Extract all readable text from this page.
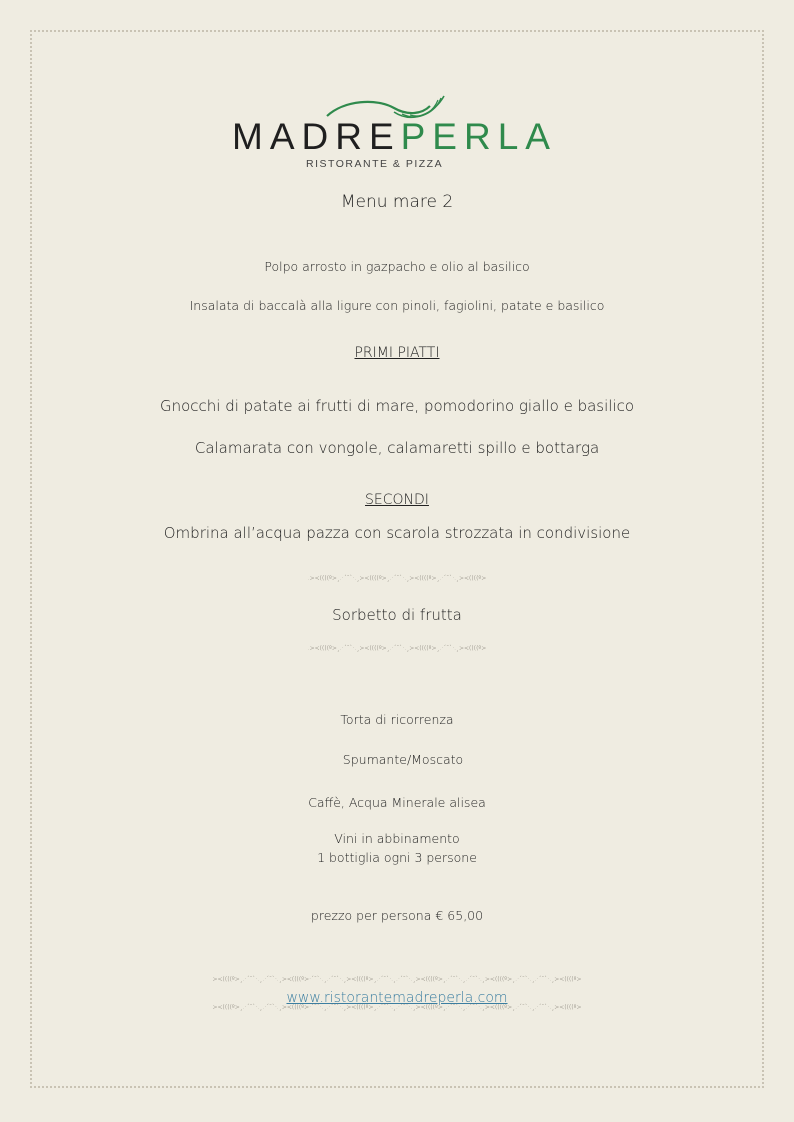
MADREPERLA
RISTORANTE & PIZZA
Menu mare 2
Polpo arrosto in gazpacho e olio al basilico
Insalata di baccalà alla ligure con pinoli, fagiolini, patate e basilico
PRIMI PIATTI
Gnocchi di patate ai frutti di mare, pomodorino giallo e basilico
Calamarata con vongole, calamaretti spillo e bottarga
SECONDI
Ombrina all’acqua pazza con scarola strozzata in condivisione
.><((((º>¸.·´¯`·.¸><((((º>¸.·´¯`·.¸><((((º>¸.·´¯`·.¸><((((º>
Sorbetto di frutta
.><((((º>¸.·´¯`·.¸><((((º>¸.·´¯`·.¸><((((º>¸.·´¯`·.¸><((((º>
Torta di ricorrenza
Spumante/Moscato
Caffè, Acqua Minerale alisea
Vini in abbinamento
1 bottiglia ogni 3 persone
prezzo per persona € 65,00
><((((º>¸.·´¯`·.¸.·´¯`·.¸><((((º>·´¯`·.¸.·´¯`·.¸><((((º>¸.·´¯`·.¸.·´¯`·.¸><((((º>¸.·´¯`·.¸.·´¯`·.¸><((((º>¸.·´¯`·.¸.·´¯`·.¸><((((º>
www.ristorantemadreperla.com
><((((º>¸.·´¯`·.¸.·´¯`·.¸><((((º>·´¯`·.¸.·´¯`·.¸><((((º>¸.·´¯`·.¸.·´¯`·.¸><((((º>¸.·´¯`·.¸.·´¯`·.¸><((((º>¸.·´¯`·.¸.·´¯`·.¸><((((º>
